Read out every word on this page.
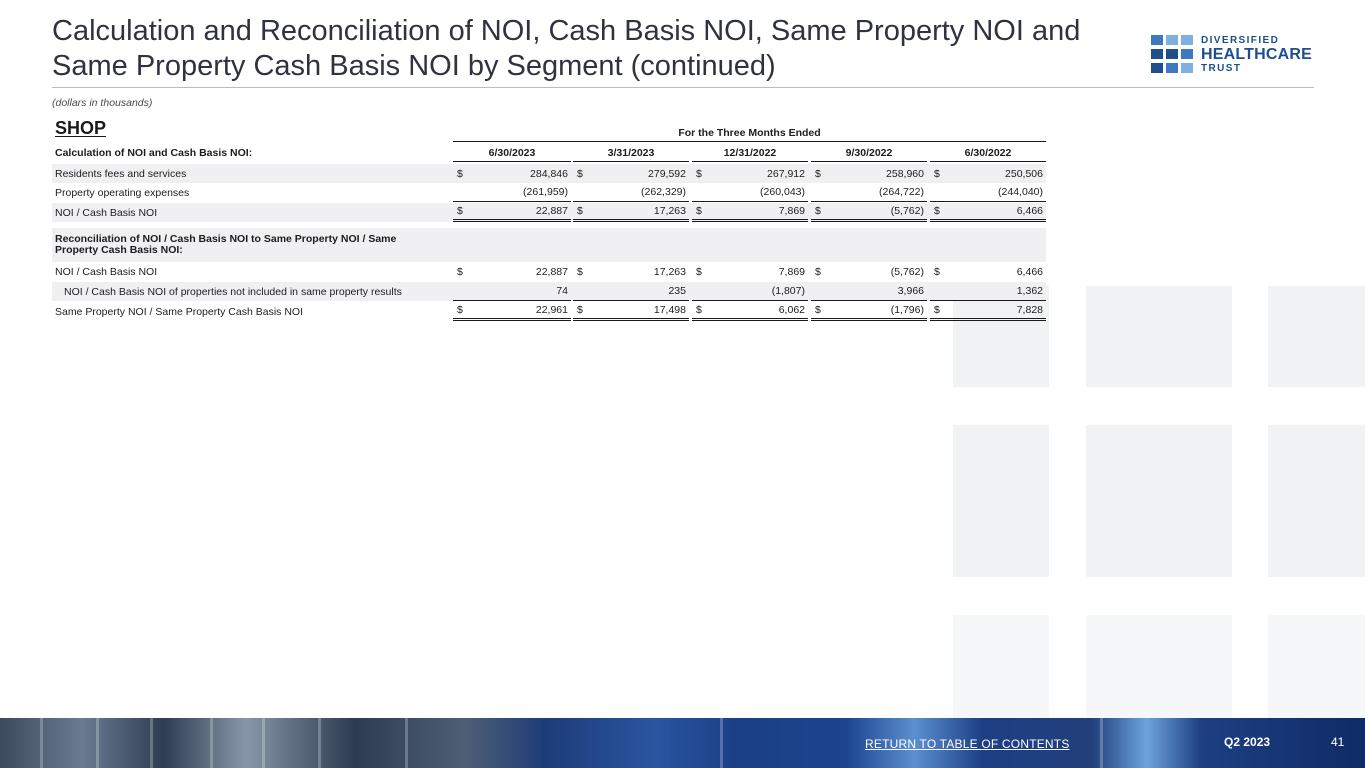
Calculation and Reconciliation of NOI, Cash Basis NOI, Same Property NOI and Same Property Cash Basis NOI by Segment (continued)
DIVERSIFIED
HEALTHCARE
TRUST
(dollars in thousands)
SHOP	For the Three Months Ended
Calculation of NOI and Cash Basis NOI:	6/30/2023	3/31/2023	12/31/2022	9/30/2022	6/30/2022
Residents fees and services	$	284,846 $	279,592 $	267,912 $	258,960 $	250,506
Property operating expenses	(261,959)	(262,329)	(260,043)	(264,722)	(244,040)
NOI / Cash Basis NOI	$	22,887 $	17,263 $	7,869 $	(5,762) $	6,466
Reconciliation of NOI / Cash Basis NOI to Same Property NOI / Same Property Cash Basis NOI:
NOI / Cash Basis NOI	$	22,887 $	17,263 $	7,869 $	(5,762) $	6,466
NOI / Cash Basis NOI of properties not included in same property results	74	235	(1,807)	3,966	1,362
Same Property NOI / Same Property Cash Basis NOI	$	22,961 $	17,498 $	6,062 $	(1,796) $	7,828
RETURN TO TABLE OF CONTENTS	Q2 2023	41
